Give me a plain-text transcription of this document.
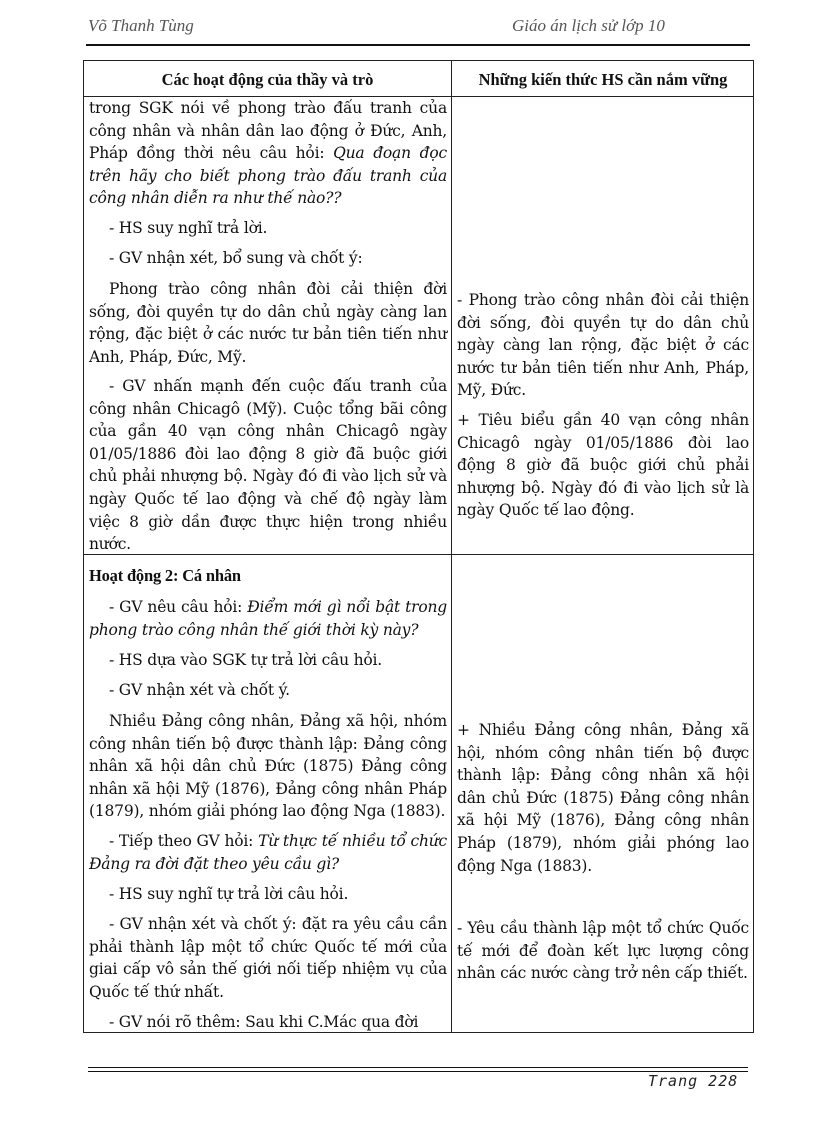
Võ Thanh Tùng	Giáo án lịch sử lớp 10
Các hoạt động của thầy và trò	Những kiến thức HS cần nắm vững
trong SGK nói về phong trào đấu tranh của công nhân và nhân dân lao động ở Đức, Anh, Pháp đồng thời nêu câu hỏi: Qua đoạn đọc trên hãy cho biết phong trào đấu tranh của công nhân diễn ra như thế nào??
- HS suy nghĩ trả lời.
- GV nhận xét, bổ sung và chốt ý:
Phong trào công nhân đòi cải thiện đời sống, đòi quyền tự do dân chủ ngày càng lan rộng, đặc biệt ở các nước tư bản tiên tiến như Anh, Pháp, Đức, Mỹ.
- GV nhấn mạnh đến cuộc đấu tranh của công nhân Chicagô (Mỹ). Cuộc tổng bãi công của gần 40 vạn công nhân Chicagô ngày 01/05/1886 đòi lao động 8 giờ đã buộc giới chủ phải nhượng bộ. Ngày đó đi vào lịch sử và ngày Quốc tế lao động và chế độ ngày làm việc 8 giờ dần được thực hiện trong nhiều nước.
- Phong trào công nhân đòi cải thiện đời sống, đòi quyền tự do dân chủ ngày càng lan rộng, đặc biệt ở các nước tư bản tiên tiến như Anh, Pháp, Mỹ, Đức.
+ Tiêu biểu gần 40 vạn công nhân Chicagô ngày 01/05/1886 đòi lao động 8 giờ đã buộc giới chủ phải nhượng bộ. Ngày đó đi vào lịch sử là ngày Quốc tế lao động.
Hoạt động 2: Cá nhân
- GV nêu câu hỏi: Điểm mới gì nổi bật trong phong trào công nhân thế giới thời kỳ này?
- HS dựa vào SGK tự trả lời câu hỏi.
- GV nhận xét và chốt ý.
Nhiều Đảng công nhân, Đảng xã hội, nhóm công nhân tiến bộ được thành lập: Đảng công nhân xã hội dân chủ Đức (1875) Đảng công nhân xã hội Mỹ (1876), Đảng công nhân Pháp (1879), nhóm giải phóng lao động Nga (1883).
- Tiếp theo GV hỏi: Từ thực tế nhiều tổ chức Đảng ra đời đặt theo yêu cầu gì?
- HS suy nghĩ tự trả lời câu hỏi.
- GV nhận xét và chốt ý: đặt ra yêu cầu cần phải thành lập một tổ chức Quốc tế mới của giai cấp vô sản thế giới nối tiếp nhiệm vụ của Quốc tế thứ nhất.
- GV nói rõ thêm: Sau khi C.Mác qua đời
+ Nhiều Đảng công nhân, Đảng xã hội, nhóm công nhân tiến bộ được thành lập: Đảng công nhân xã hội dân chủ Đức (1875) Đảng công nhân xã hội Mỹ (1876), Đảng công nhân Pháp (1879), nhóm giải phóng lao động Nga (1883).
- Yêu cầu thành lập một tổ chức Quốc tế mới để đoàn kết lực lượng công nhân các nước càng trở nên cấp thiết.
Trang 228
